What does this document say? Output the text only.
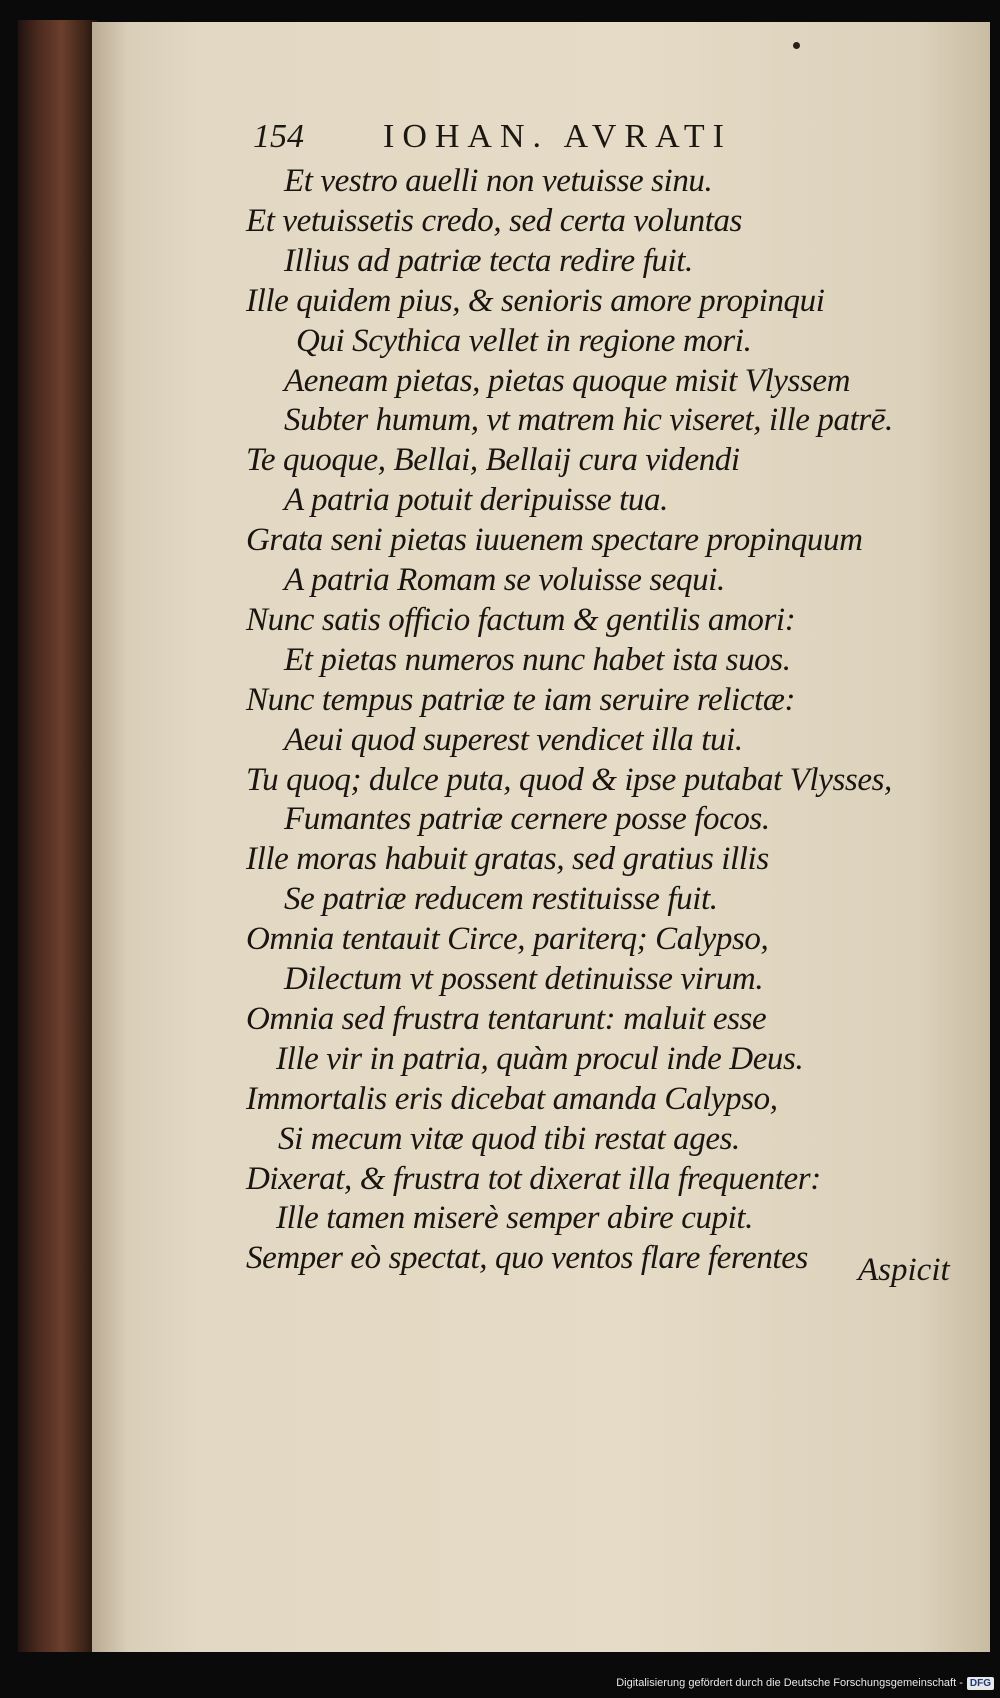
154 IOHAN. AVRATI
Et vestro auelli non vetuisse sinu.
Et vetuissetis credo, sed certa voluntas
Illius ad patriæ tecta redire fuit.
Ille quidem pius, & senioris amore propinqui
Qui Scythica vellet in regione mori.
Aeneam pietas, pietas quoque misit Vlyssem
Subter humum, vt matrem hic viseret, ille patrē.
Te quoque, Bellai, Bellaij cura videndi
A patria potuit deripuisse tua.
Grata seni pietas iuuenem spectare propinquum
A patria Romam se voluisse sequi.
Nunc satis officio factum & gentilis amori:
Et pietas numeros nunc habet ista suos.
Nunc tempus patriæ te iam seruire relictæ:
Aeui quod superest vendicet illa tui.
Tu quoq; dulce puta, quod & ipse putabat Vlysses,
Fumantes patriæ cernere posse focos.
Ille moras habuit gratas, sed gratius illis
Se patriæ reducem restituisse fuit.
Omnia tentauit Circe, pariterq; Calypso,
Dilectum vt possent detinuisse virum.
Omnia sed frustra tentarunt: maluit esse
Ille vir in patria, quàm procul inde Deus.
Immortalis eris dicebat amanda Calypso,
Si mecum vitæ quod tibi restat ages.
Dixerat, & frustra tot dixerat illa frequenter:
Ille tamen miserè semper abire cupit.
Semper eò spectat, quo ventos flare ferentes Aspicit
Digitalisierung gefördert durch die Deutsche Forschungsgemeinschaft - DFG
